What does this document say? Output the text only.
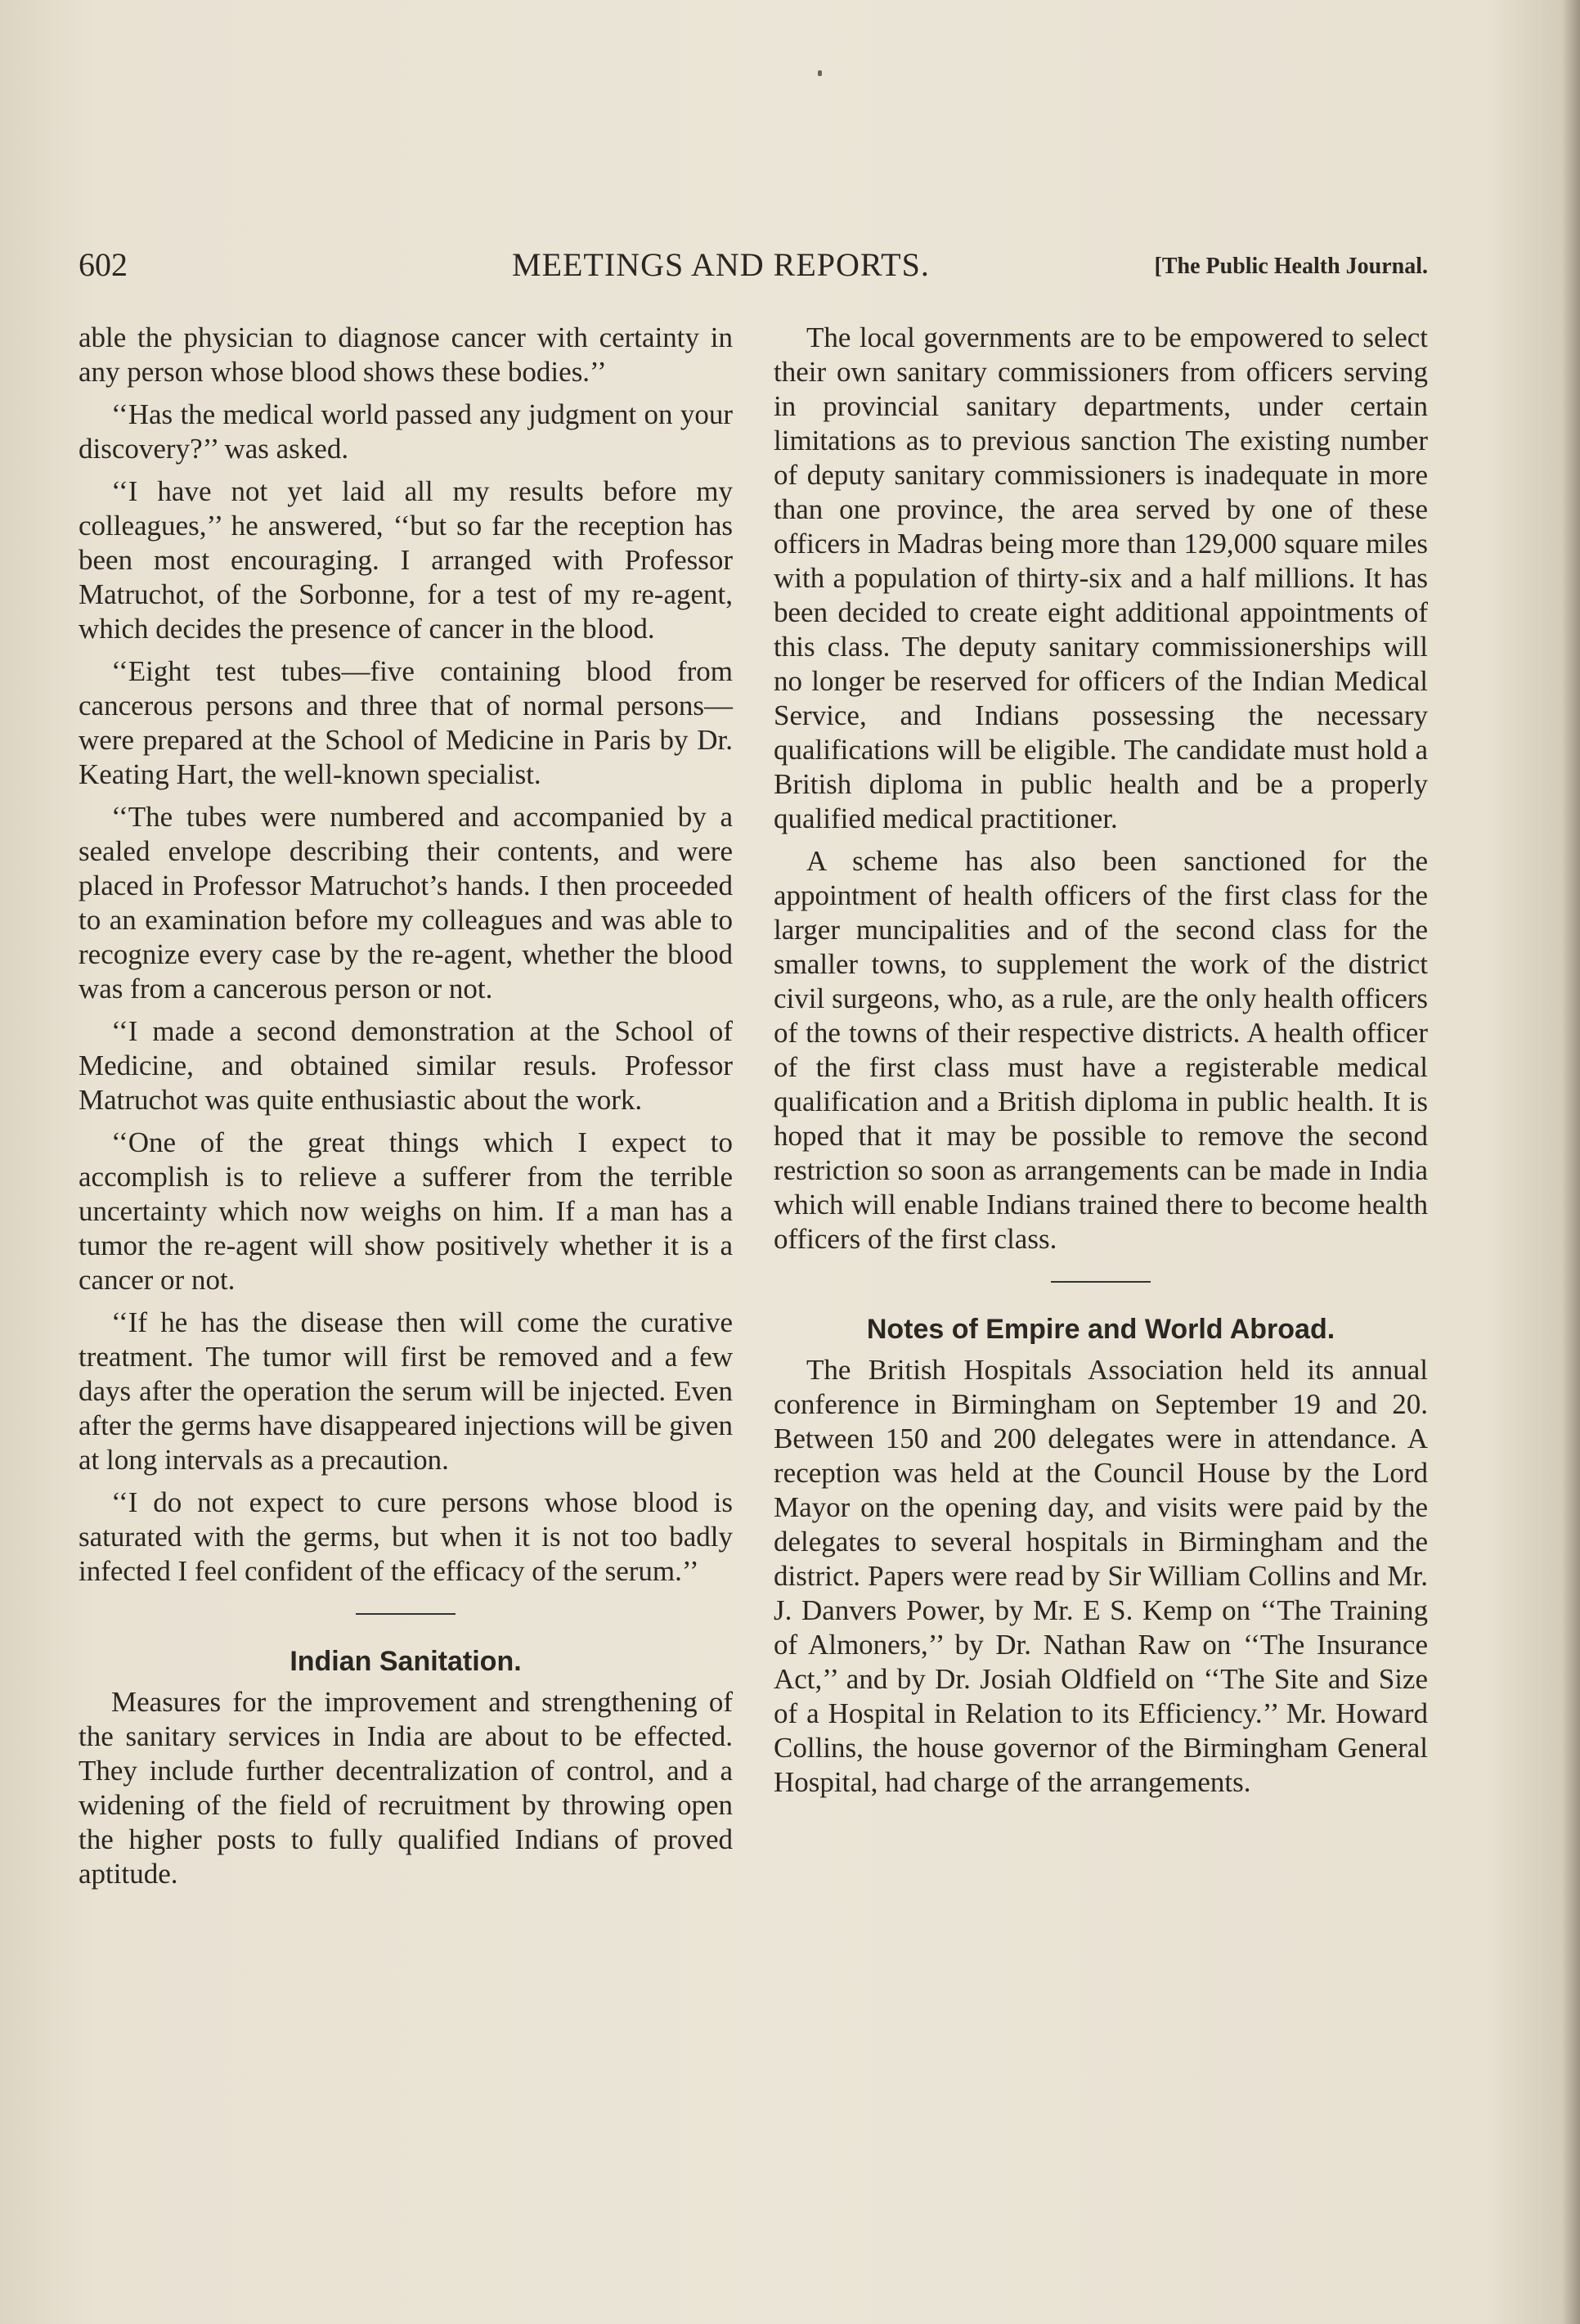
602	MEETINGS AND REPORTS.	[The Public Health Journal.

able the physician to diagnose cancer with certainty in any person whose blood shows these bodies.’’

‘‘Has the medical world passed any judgment on your discovery?’’ was asked.

‘‘I have not yet laid all my results before my colleagues,’’ he answered, ‘‘but so far the reception has been most encouraging. I arranged with Professor Matruchot, of the Sorbonne, for a test of my re-agent, which decides the presence of cancer in the blood.

‘‘Eight test tubes—five containing blood from cancerous persons and three that of normal persons—were prepared at the School of Medicine in Paris by Dr. Keating Hart, the well-known specialist.

‘‘The tubes were numbered and accompanied by a sealed envelope describing their contents, and were placed in Professor Matruchot’s hands. I then proceeded to an examination before my colleagues and was able to recognize every case by the re-agent, whether the blood was from a cancerous person or not.

‘‘I made a second demonstration at the School of Medicine, and obtained similar resuls. Professor Matruchot was quite enthusiastic about the work.

‘‘One of the great things which I expect to accomplish is to relieve a sufferer from the terrible uncertainty which now weighs on him. If a man has a tumor the re-agent will show positively whether it is a cancer or not.

‘‘If he has the disease then will come the curative treatment. The tumor will first be removed and a few days after the operation the serum will be injected. Even after the germs have disappeared injections will be given at long intervals as a precaution.

‘‘I do not expect to cure persons whose blood is saturated with the germs, but when it is not too badly infected I feel confident of the efficacy of the serum.’’

Indian Sanitation.

Measures for the improvement and strengthening of the sanitary services in India are about to be effected. They include further decentralization of control, and a widening of the field of recruitment by throwing open the higher posts to fully qualified Indians of proved aptitude.

The local governments are to be empowered to select their own sanitary commissioners from officers serving in provincial sanitary departments, under certain limitations as to previous sanction The existing number of deputy sanitary commissioners is inadequate in more than one province, the area served by one of these officers in Madras being more than 129,000 square miles with a population of thirty-six and a half millions. It has been decided to create eight additional appointments of this class. The deputy sanitary commissionerships will no longer be reserved for officers of the Indian Medical Service, and Indians possessing the necessary qualifications will be eligible. The candidate must hold a British diploma in public health and be a properly qualified medical practitioner.

A scheme has also been sanctioned for the appointment of health officers of the first class for the larger muncipalities and of the second class for the smaller towns, to supplement the work of the district civil surgeons, who, as a rule, are the only health officers of the towns of their respective districts. A health officer of the first class must have a registerable medical qualification and a British diploma in public health. It is hoped that it may be possible to remove the second restriction so soon as arrangements can be made in India which will enable Indians trained there to become health officers of the first class.

Notes of Empire and World Abroad.

The British Hospitals Association held its annual conference in Birmingham on September 19 and 20. Between 150 and 200 delegates were in attendance. A reception was held at the Council House by the Lord Mayor on the opening day, and visits were paid by the delegates to several hospitals in Birmingham and the district. Papers were read by Sir William Collins and Mr. J. Danvers Power, by Mr. E S. Kemp on ‘‘The Training of Almoners,’’ by Dr. Nathan Raw on ‘‘The Insurance Act,’’ and by Dr. Josiah Oldfield on ‘‘The Site and Size of a Hospital in Relation to its Efficiency.’’ Mr. Howard Collins, the house governor of the Birmingham General Hospital, had charge of the arrangements.
